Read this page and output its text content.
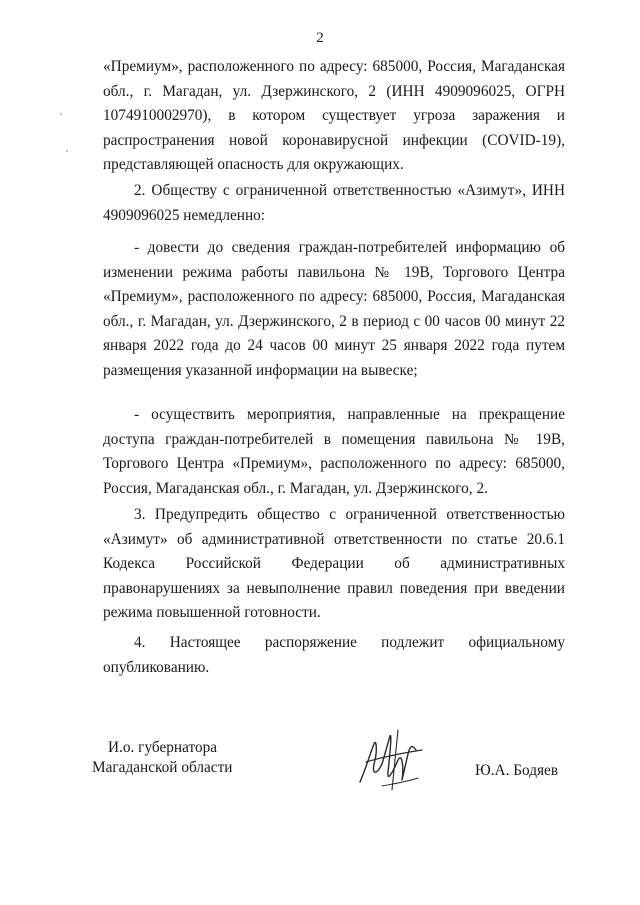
2

«Премиум», расположенного по адресу: 685000, Россия, Магаданская обл., г. Магадан, ул. Дзержинского, 2 (ИНН 4909096025, ОГРН 1074910002970), в котором существует угроза заражения и распространения новой коронавирусной инфекции (COVID-19), представляющей опасность для окружающих.

2. Обществу с ограниченной ответственностью «Азимут», ИНН 4909096025 немедленно:

- довести до сведения граждан-потребителей информацию об изменении режима работы павильона № 19В, Торгового Центра «Премиум», расположенного по адресу: 685000, Россия, Магаданская обл., г. Магадан, ул. Дзержинского, 2 в период с 00 часов 00 минут 22 января 2022 года до 24 часов 00 минут 25 января 2022 года путем размещения указанной информации на вывеске;

- осуществить мероприятия, направленные на прекращение доступа граждан-потребителей в помещения павильона № 19В, Торгового Центра «Премиум», расположенного по адресу: 685000, Россия, Магаданская обл., г. Магадан, ул. Дзержинского, 2.

3. Предупредить общество с ограниченной ответственностью «Азимут» об административной ответственности по статье 20.6.1 Кодекса Российской Федерации об административных правонарушениях за невыполнение правил поведения при введении режима повышенной готовности.

4. Настоящее распоряжение подлежит официальному опубликованию.

И.о. губернатора
Магаданской области	Ю.А. Бодяев
